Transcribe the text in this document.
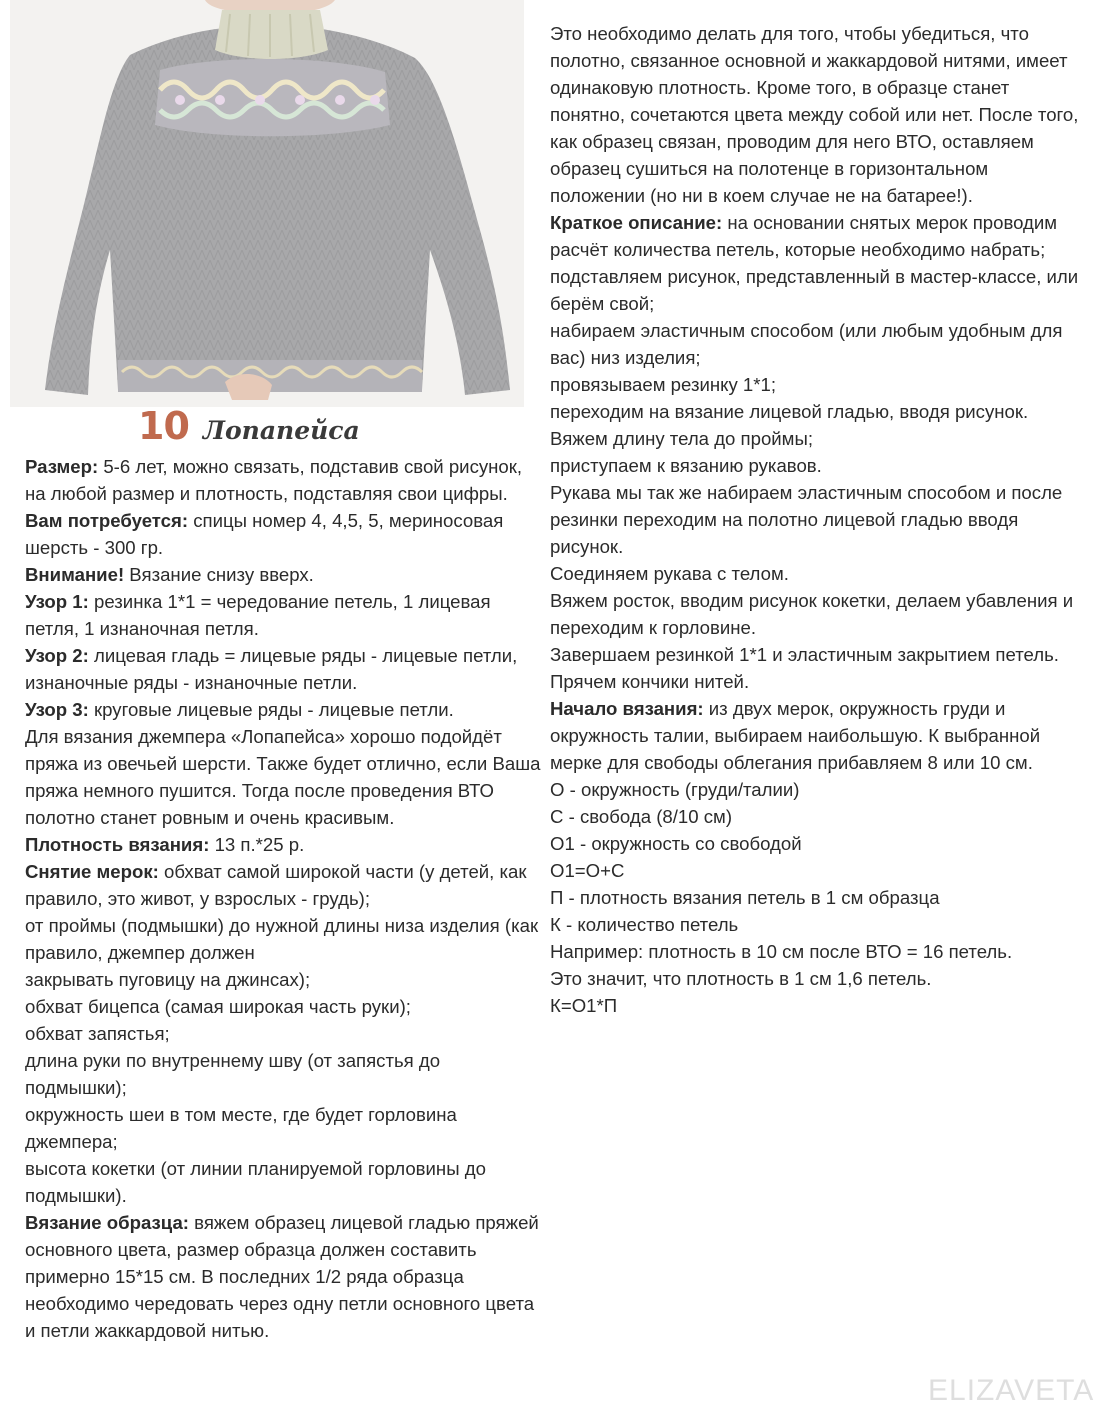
10 Лопапейса

Размер: 5-6 лет, можно связать, подставив свой рисунок, на любой размер и плотность, подставляя свои цифры.

Вам потребуется: спицы номер 4, 4,5, 5, мериносовая шерсть - 300 гр.

Внимание! Вязание снизу вверх.

Узор 1: резинка 1*1 = чередование петель, 1 лицевая петля, 1 изнаночная петля.

Узор 2: лицевая гладь = лицевые ряды - лицевые петли, изнаночные ряды - изнаночные петли.

Узор 3: круговые лицевые ряды - лицевые петли.

Для вязания джемпера «Лопапейса» хорошо подойдёт пряжа из овечьей шерсти. Также будет отлично, если Ваша пряжа немного пушится. Тогда после проведения ВТО полотно станет ровным и очень красивым.

Плотность вязания: 13 п.*25 р.

Снятие мерок: обхват самой широкой части (у детей, как правило, это живот, у взрослых - грудь);

от проймы (подмышки) до нужной длины низа изделия (как правило, джемпер должен

закрывать пуговицу на джинсах);

обхват бицепса (самая широкая часть руки);

обхват запястья;

длина руки по внутреннему шву (от запястья до подмышки);

окружность шеи в том месте, где будет горловина джемпера;

высота кокетки (от линии планируемой горловины до подмышки).

Вязание образца: вяжем образец лицевой гладью пряжей основного цвета, размер образца должен составить примерно 15*15 см. В последних 1/2 ряда образца необходимо чередовать через одну петли основного цвета и петли жаккардовой нитью.

Это необходимо делать для того, чтобы убедиться, что полотно, связанное основной и жаккардовой нитями, имеет одинаковую плотность. Кроме того, в образце станет понятно, сочетаются цвета между собой или нет. После того, как образец связан, проводим для него ВТО, оставляем образец сушиться на полотенце в горизонтальном положении (но ни в коем случае не на батарее!).

Краткое описание: на основании снятых мерок проводим расчёт количества петель, которые необходимо набрать;

подставляем рисунок, представленный в мастер-классе, или берём свой;

набираем эластичным способом (или любым удобным для вас) низ изделия;

провязываем резинку 1*1;

переходим на вязание лицевой гладью, вводя рисунок.

Вяжем длину тела до проймы;

приступаем к вязанию рукавов.

Рукава мы так же набираем эластичным способом и после резинки переходим на полотно лицевой гладью вводя рисунок.

Соединяем рукава с телом.

Вяжем росток, вводим рисунок кокетки, делаем убавления и переходим к горловине.

Завершаем резинкой 1*1 и эластичным закрытием петель.

Прячем кончики нитей.

Начало вязания: из двух мерок, окружность груди и окружность талии, выбираем наибольшую. К выбранной мерке для свободы облегания прибавляем 8 или 10 см.

О - окружность (груди/талии)

С - свобода (8/10 см)

О1 - окружность со свободой

О1=О+С

П - плотность вязания петель в 1 см образца

К - количество петель

Например: плотность в 10 см после ВТО = 16 петель.

Это значит, что плотность в 1 см 1,6 петель.

К=О1*П

ELIZAVETA
